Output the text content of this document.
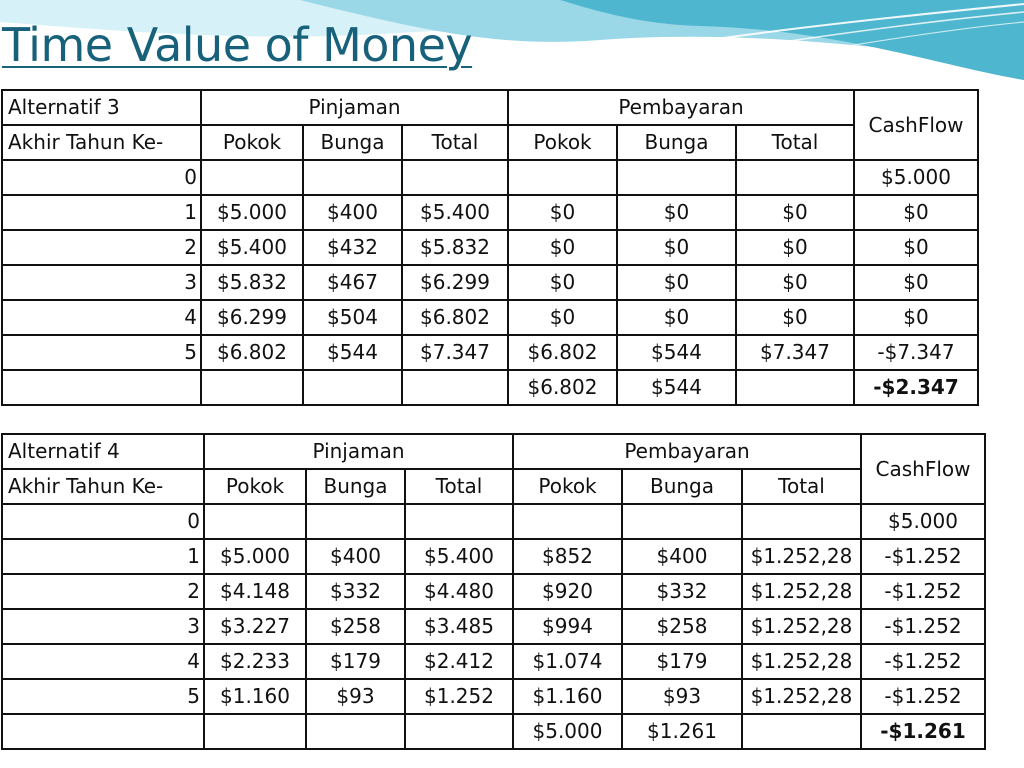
Time Value of Money
Alternatif 3	Pinjaman			Pembayaran			CashFlow
Akhir Tahun Ke-	Pokok	Bunga	Total	Pokok	Bunga	Total	
0							$5.000
1	$5.000	$400	$5.400	$0	$0	$0	$0
2	$5.400	$432	$5.832	$0	$0	$0	$0
3	$5.832	$467	$6.299	$0	$0	$0	$0
4	$6.299	$504	$6.802	$0	$0	$0	$0
5	$6.802	$544	$7.347	$6.802	$544	$7.347	-$7.347
				$6.802	$544		-$2.347
Alternatif 4	Pinjaman			Pembayaran			CashFlow
Akhir Tahun Ke-	Pokok	Bunga	Total	Pokok	Bunga	Total	
0							$5.000
1	$5.000	$400	$5.400	$852	$400	$1.252,28	-$1.252
2	$4.148	$332	$4.480	$920	$332	$1.252,28	-$1.252
3	$3.227	$258	$3.485	$994	$258	$1.252,28	-$1.252
4	$2.233	$179	$2.412	$1.074	$179	$1.252,28	-$1.252
5	$1.160	$93	$1.252	$1.160	$93	$1.252,28	-$1.252
				$5.000	$1.261		-$1.261
